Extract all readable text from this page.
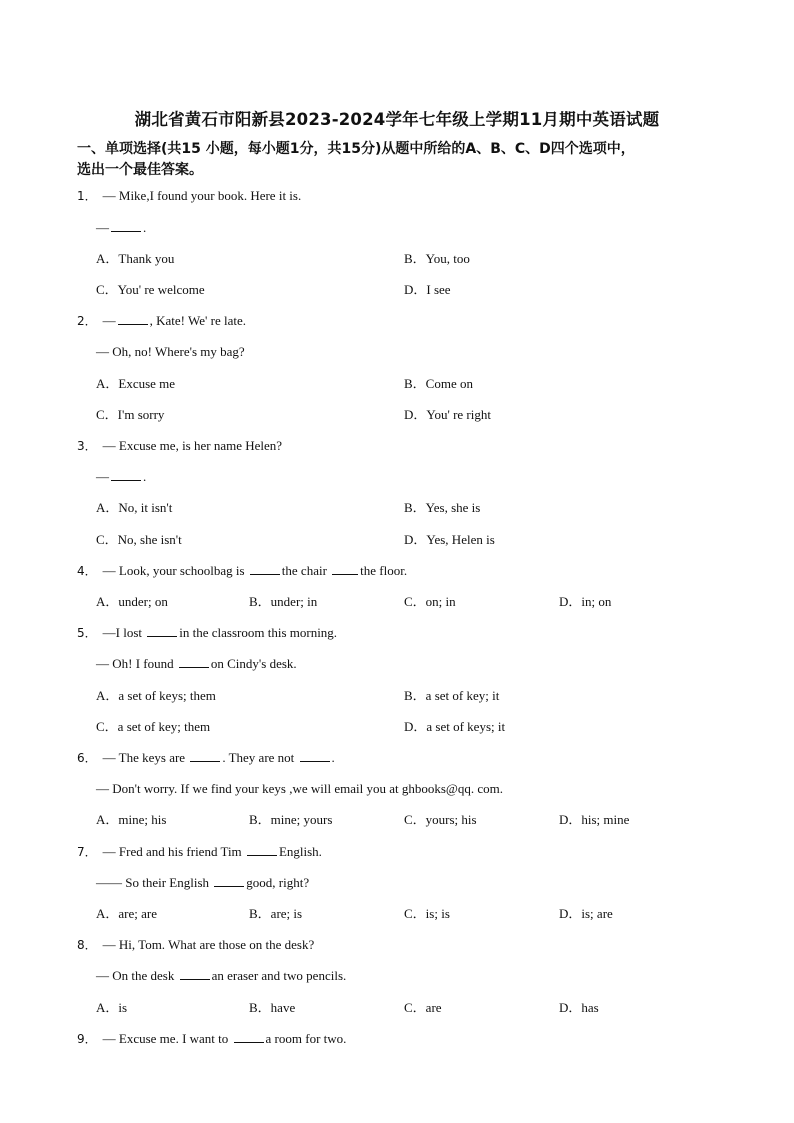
湖北省黄石市阳新县2023-2024学年七年级上学期11月期中英语试题
一、单项选择(共15 小题，每小题1分，共15分)从题中所给的A、B、C、D四个选项中，
选出一个最佳答案。
1． — Mike,I found your book. Here it is.
—	.
A．Thank you	B．You, too
C．You' re welcome	D．I see
2． —	, Kate! We' re late.
— Oh, no! Where's my bag?
A．Excuse me	B．Come on
C．I'm sorry	D．You' re right
3． — Excuse me, is her name Helen?
—	.
A．No, it isn't	B．Yes, she is
C．No, she isn't	D．Yes, Helen is
4． — Look, your schoolbag is	the chair the floor.
A．under; on	B．under; in	C．on; in	D．in; on
5． —I lost	in the classroom this morning.
— Oh! I found	on Cindy's desk.
A．a set of keys; them	B．a set of key; it
C．a set of key; them	D．a set of keys; it
6． — The keys are	. They are not	.
— Don't worry. If we find your keys ,we will email you at ghbooks@qq. com.
A．mine; his	B．mine; yours	C．yours; his	D．his; mine
7． — Fred and his friend Tim	English.
—— So their English	good, right?
A．are; are	B．are; is	C．is; is	D．is; are
8． — Hi, Tom. What are those on the desk?
— On the desk	an eraser and two pencils.
A．is	B．have	C．are	D．has
9． — Excuse me. I want to	a room for two.
